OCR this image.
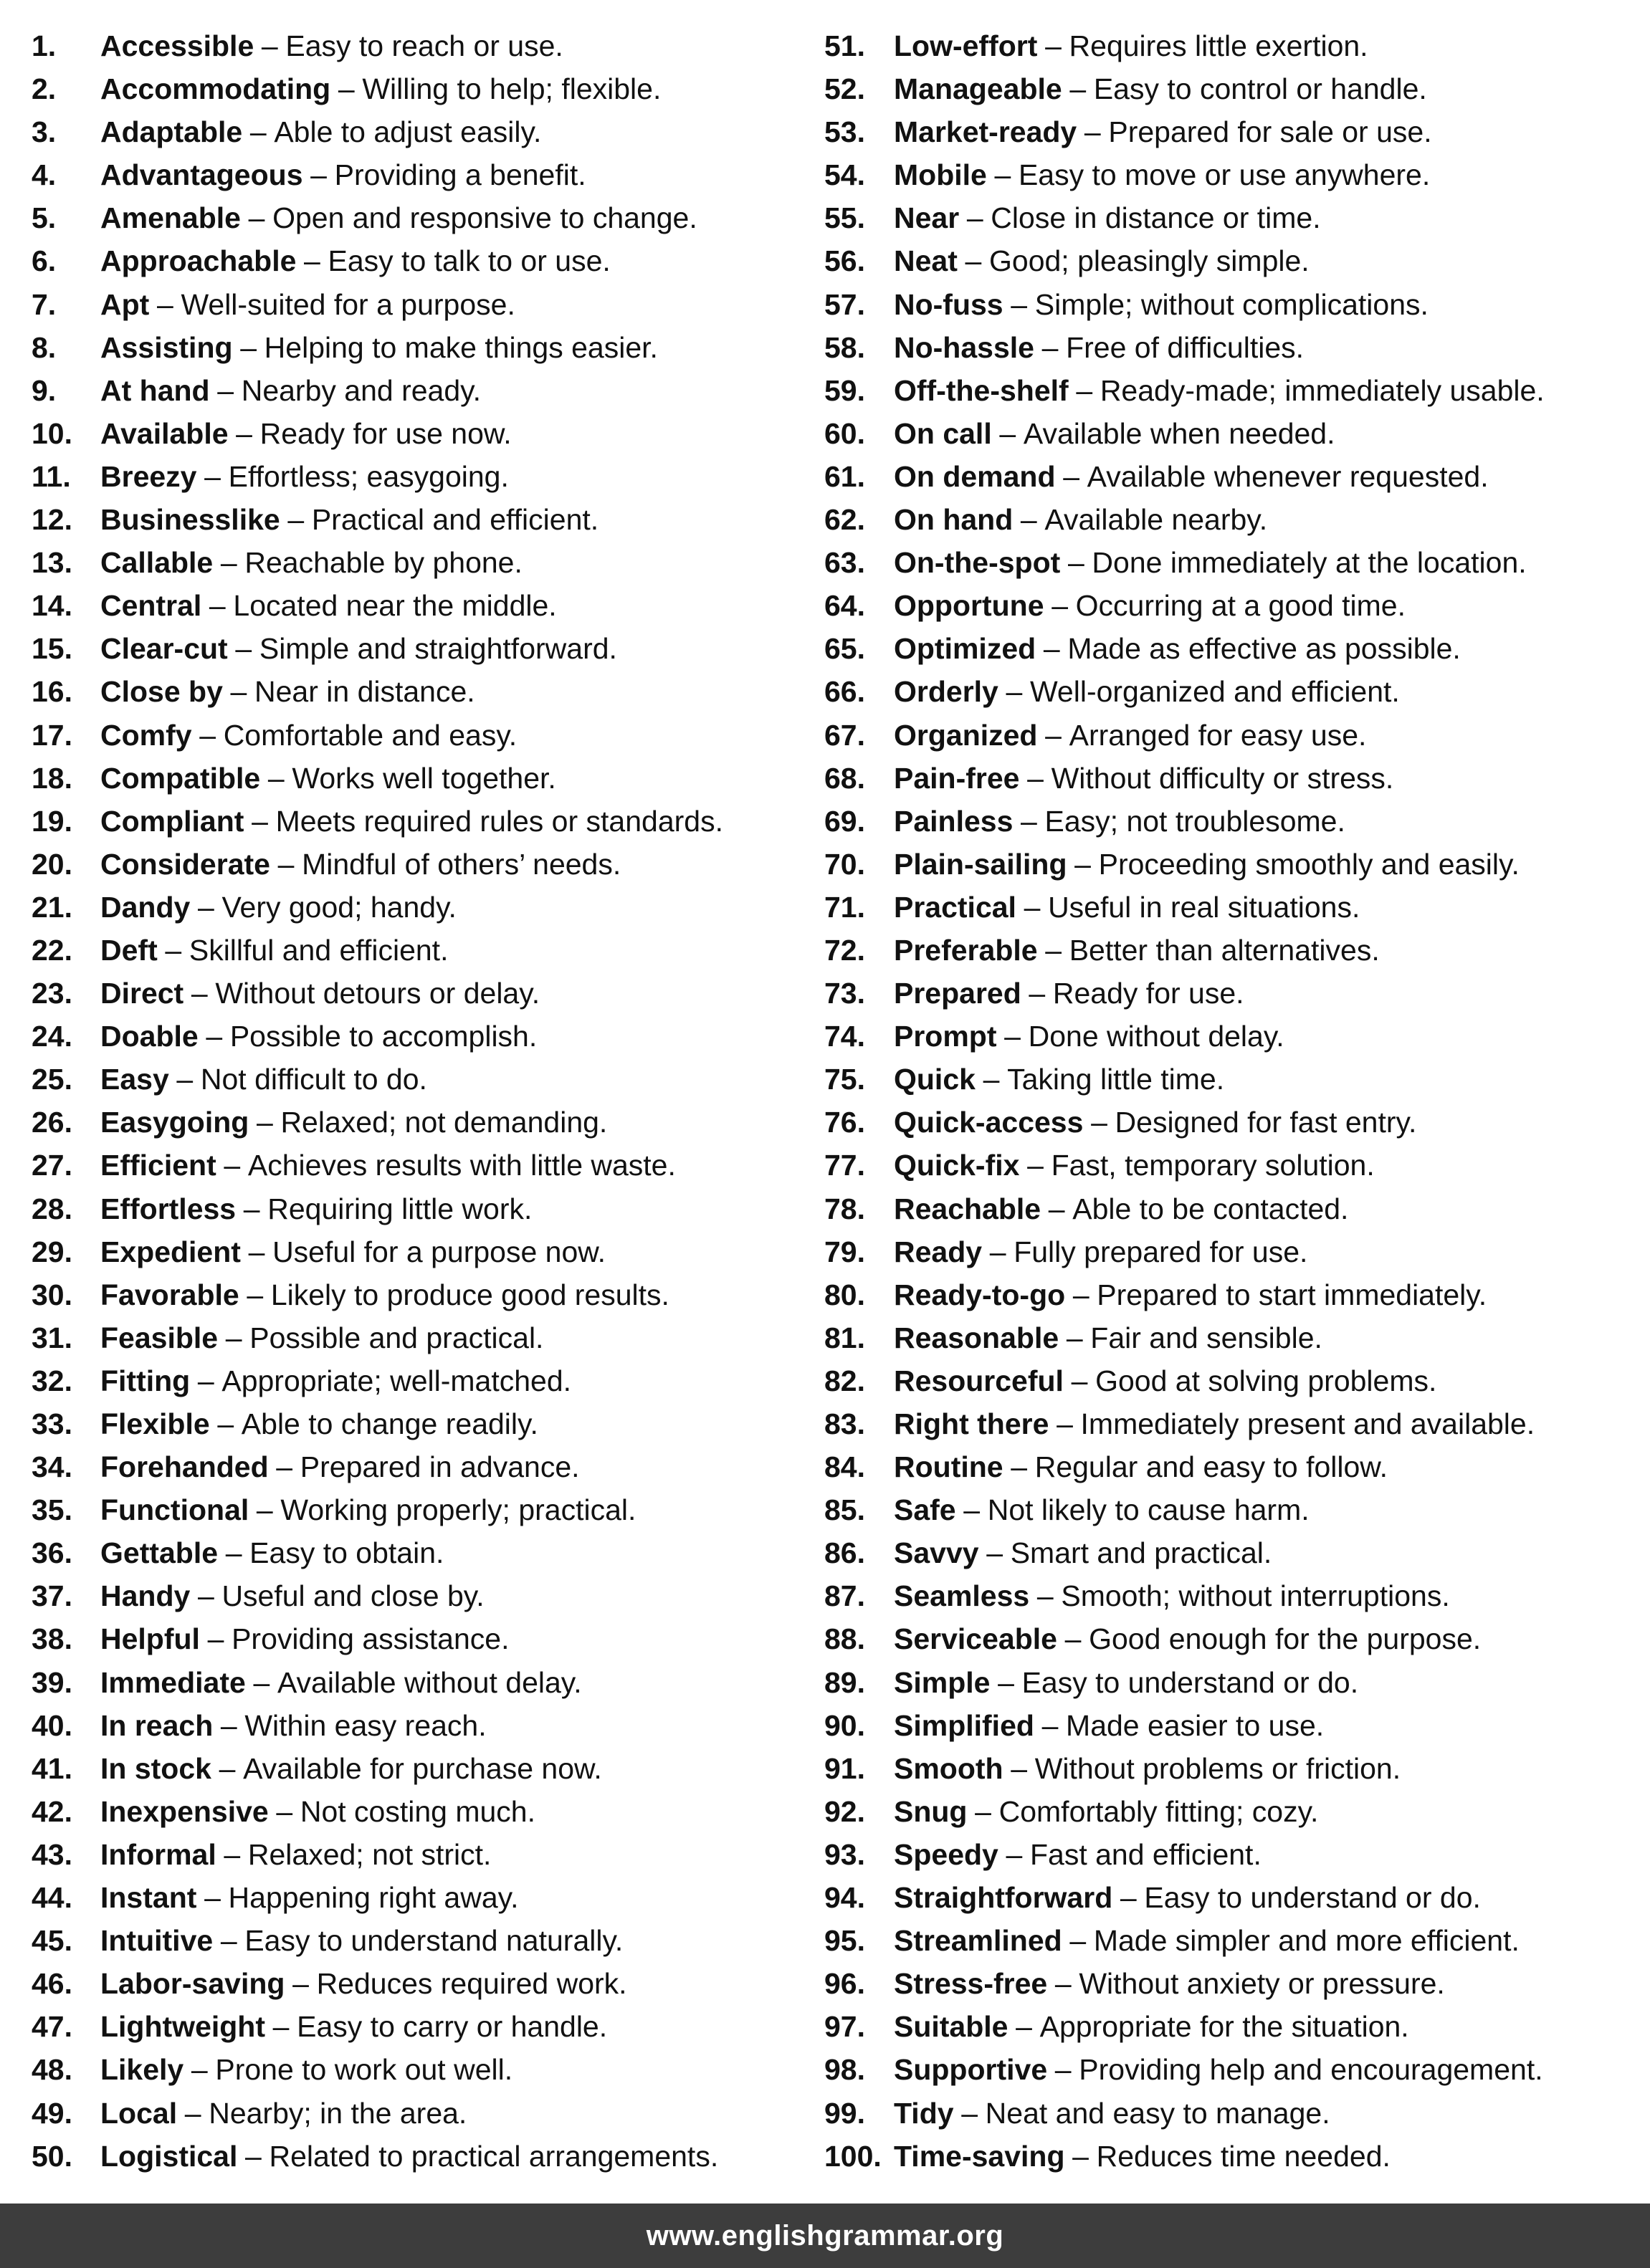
1.	Accessible – Easy to reach or use.
2.	Accommodating – Willing to help; flexible.
3.	Adaptable – Able to adjust easily.
4.	Advantageous – Providing a benefit.
5.	Amenable – Open and responsive to change.
6.	Approachable – Easy to talk to or use.
7.	Apt – Well-suited for a purpose.
8.	Assisting – Helping to make things easier.
9.	At hand – Nearby and ready.
10. Available – Ready for use now.
11.	Breezy – Effortless; easygoing.
12. Businesslike – Practical and efficient.
13. Callable – Reachable by phone.
14. Central – Located near the middle.
15. Clear-cut – Simple and straightforward.
16. Close by – Near in distance.
17. Comfy – Comfortable and easy.
18. Compatible – Works well together.
19. Compliant – Meets required rules or standards.
20. Considerate – Mindful of others’ needs.
21. Dandy – Very good; handy.
22. Deft – Skillful and efficient.
23. Direct – Without detours or delay.
24. Doable – Possible to accomplish.
25. Easy – Not difficult to do.
26. Easygoing – Relaxed; not demanding.
27. Efficient – Achieves results with little waste.
28. Effortless – Requiring little work.
29. Expedient – Useful for a purpose now.
30. Favorable – Likely to produce good results.
31. Feasible – Possible and practical.
32. Fitting – Appropriate; well-matched.
33. Flexible – Able to change readily.
34. Forehanded – Prepared in advance.
35. Functional – Working properly; practical.
36. Gettable – Easy to obtain.
37. Handy – Useful and close by.
38. Helpful – Providing assistance.
39. Immediate – Available without delay.
40. In reach – Within easy reach.
41. In stock – Available for purchase now.
42. Inexpensive – Not costing much.
43. Informal – Relaxed; not strict.
44. Instant – Happening right away.
45. Intuitive – Easy to understand naturally.
46. Labor-saving – Reduces required work.
47. Lightweight – Easy to carry or handle.
48. Likely – Prone to work out well.
49. Local – Nearby; in the area.
50. Logistical – Related to practical arrangements.
51. Low-effort – Requires little exertion.
52. Manageable – Easy to control or handle.
53. Market-ready – Prepared for sale or use.
54. Mobile – Easy to move or use anywhere.
55. Near – Close in distance or time.
56. Neat – Good; pleasingly simple.
57. No-fuss – Simple; without complications.
58. No-hassle – Free of difficulties.
59. Off-the-shelf – Ready-made; immediately usable.
60. On call – Available when needed.
61. On demand – Available whenever requested.
62. On hand – Available nearby.
63. On-the-spot – Done immediately at the location.
64. Opportune – Occurring at a good time.
65. Optimized – Made as effective as possible.
66. Orderly – Well-organized and efficient.
67. Organized – Arranged for easy use.
68. Pain-free – Without difficulty or stress.
69. Painless – Easy; not troublesome.
70. Plain-sailing – Proceeding smoothly and easily.
71. Practical – Useful in real situations.
72. Preferable – Better than alternatives.
73. Prepared – Ready for use.
74. Prompt – Done without delay.
75. Quick – Taking little time.
76. Quick-access – Designed for fast entry.
77. Quick-fix – Fast, temporary solution.
78. Reachable – Able to be contacted.
79. Ready – Fully prepared for use.
80. Ready-to-go – Prepared to start immediately.
81. Reasonable – Fair and sensible.
82. Resourceful – Good at solving problems.
83. Right there – Immediately present and available.
84. Routine – Regular and easy to follow.
85. Safe – Not likely to cause harm.
86. Savvy – Smart and practical.
87. Seamless – Smooth; without interruptions.
88. Serviceable – Good enough for the purpose.
89. Simple – Easy to understand or do.
90. Simplified – Made easier to use.
91. Smooth – Without problems or friction.
92. Snug – Comfortably fitting; cozy.
93. Speedy – Fast and efficient.
94. Straightforward – Easy to understand or do.
95. Streamlined – Made simpler and more efficient.
96. Stress-free – Without anxiety or pressure.
97. Suitable – Appropriate for the situation.
98. Supportive – Providing help and encouragement.
99. Tidy – Neat and easy to manage.
100. Time-saving – Reduces time needed.
www.englishgrammar.org
